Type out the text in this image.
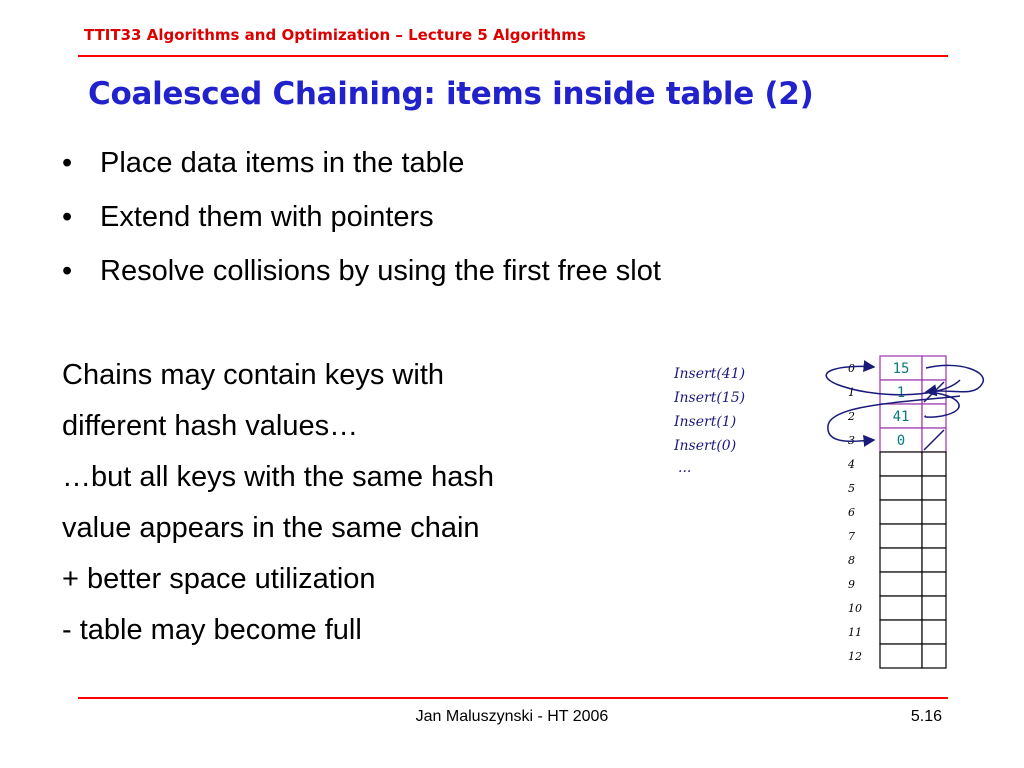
TTIT33 Algorithms and Optimization – Lecture 5 Algorithms
Coalesced Chaining: items inside table (2)
• Place data items in the table
• Extend them with pointers
• Resolve collisions by using the first free slot
Chains may contain keys with
different hash values…
…but all keys with the same hash
value appears in the same chain
+ better space utilization
- table may become full
Insert(41)
Insert(15)
Insert(1)
Insert(0)
...
0
1
2
3
4
5
6
7
8
9
10
11
12
15
1
41
0
Jan Maluszynski - HT 2006	5.16
